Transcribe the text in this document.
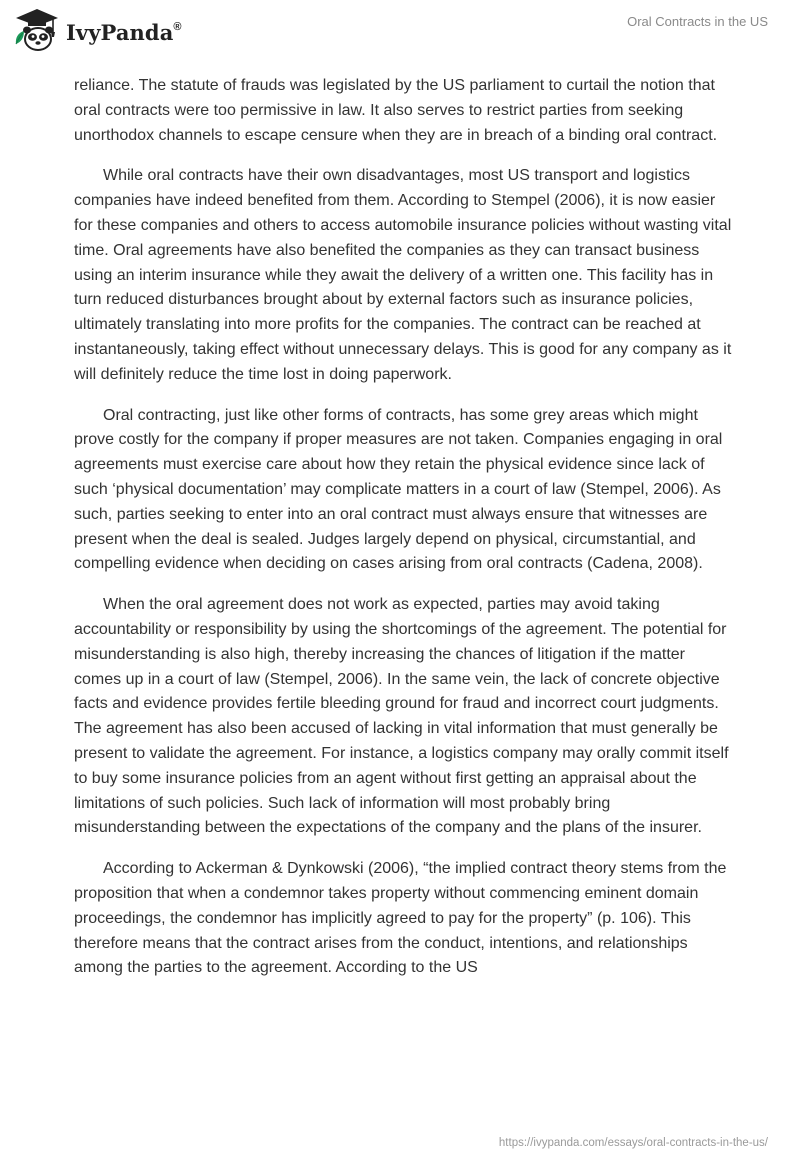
IvyPanda®	Oral Contracts in the US

reliance. The statute of frauds was legislated by the US parliament to curtail the notion that oral contracts were too permissive in law. It also serves to restrict parties from seeking unorthodox channels to escape censure when they are in breach of a binding oral contract.

While oral contracts have their own disadvantages, most US transport and logistics companies have indeed benefited from them. According to Stempel (2006), it is now easier for these companies and others to access automobile insurance policies without wasting vital time. Oral agreements have also benefited the companies as they can transact business using an interim insurance while they await the delivery of a written one. This facility has in turn reduced disturbances brought about by external factors such as insurance policies, ultimately translating into more profits for the companies. The contract can be reached at instantaneously, taking effect without unnecessary delays. This is good for any company as it will definitely reduce the time lost in doing paperwork.

Oral contracting, just like other forms of contracts, has some grey areas which might prove costly for the company if proper measures are not taken. Companies engaging in oral agreements must exercise care about how they retain the physical evidence since lack of such ‘physical documentation’ may complicate matters in a court of law (Stempel, 2006). As such, parties seeking to enter into an oral contract must always ensure that witnesses are present when the deal is sealed. Judges largely depend on physical, circumstantial, and compelling evidence when deciding on cases arising from oral contracts (Cadena, 2008).

When the oral agreement does not work as expected, parties may avoid taking accountability or responsibility by using the shortcomings of the agreement. The potential for misunderstanding is also high, thereby increasing the chances of litigation if the matter comes up in a court of law (Stempel, 2006). In the same vein, the lack of concrete objective facts and evidence provides fertile bleeding ground for fraud and incorrect court judgments. The agreement has also been accused of lacking in vital information that must generally be present to validate the agreement. For instance, a logistics company may orally commit itself to buy some insurance policies from an agent without first getting an appraisal about the limitations of such policies. Such lack of information will most probably bring misunderstanding between the expectations of the company and the plans of the insurer.

According to Ackerman & Dynkowski (2006), “the implied contract theory stems from the proposition that when a condemnor takes property without commencing eminent domain proceedings, the condemnor has implicitly agreed to pay for the property” (p. 106). This therefore means that the contract arises from the conduct, intentions, and relationships among the parties to the agreement. According to the US

https://ivypanda.com/essays/oral-contracts-in-the-us/
